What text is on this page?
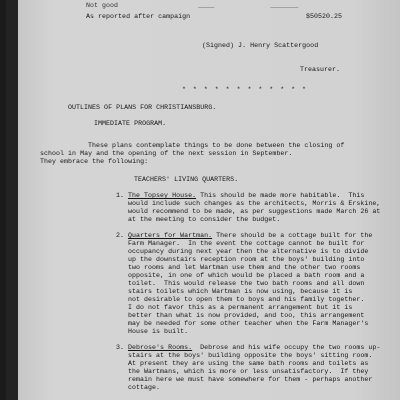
Not good                    ____              _______
As reported after campaign	$50520.25
(Signed) J. Henry Scattergood
Treasurer.
* * * * * * * * * * * *
OUTLINES OF PLANS FOR CHRISTIANSBURG.
IMMEDIATE PROGRAM.
These plans contemplate things to be done between the closing of
school in May and the opening of the next session in September.
They embrace the following:
TEACHERS' LIVING QUARTERS.
1. The Topsey House. This should be made more habitable.  This
would include such changes as the architects, Morris & Erskine,
would recommend to be made, as per suggestions made March 26 at
at the meeting to consider the budget.
2. Quarters for Wartman. There should be a cottage built for the
Farm Manager.  In the event the cottage cannot be built for
occupancy during next year then the alternative is to divide
up the downstairs reception room at the boys' building into
two rooms and let Wartman use them and the other two rooms
opposite, in one of which would be placed a bath room and a
toilet.  This would release the two bath rooms and all down
stairs toilets which Wartman is now using, because it is
not desirable to open them to boys and his family together.
I do not favor this as a permanent arrangement but it is
better than what is now provided, and too, this arrangement
may be needed for some other teacher when the Farm Manager's
House is built.
3. Debrose's Rooms.  Debrose and his wife occupy the two rooms up-
stairs at the boys' building opposite the boys' sitting room.
At present they are using the same bath rooms and toilets as
the Wartmans, which is more or less unsatisfactory.  If they
remain here we must have somewhere for them - perhaps another
cottage.
